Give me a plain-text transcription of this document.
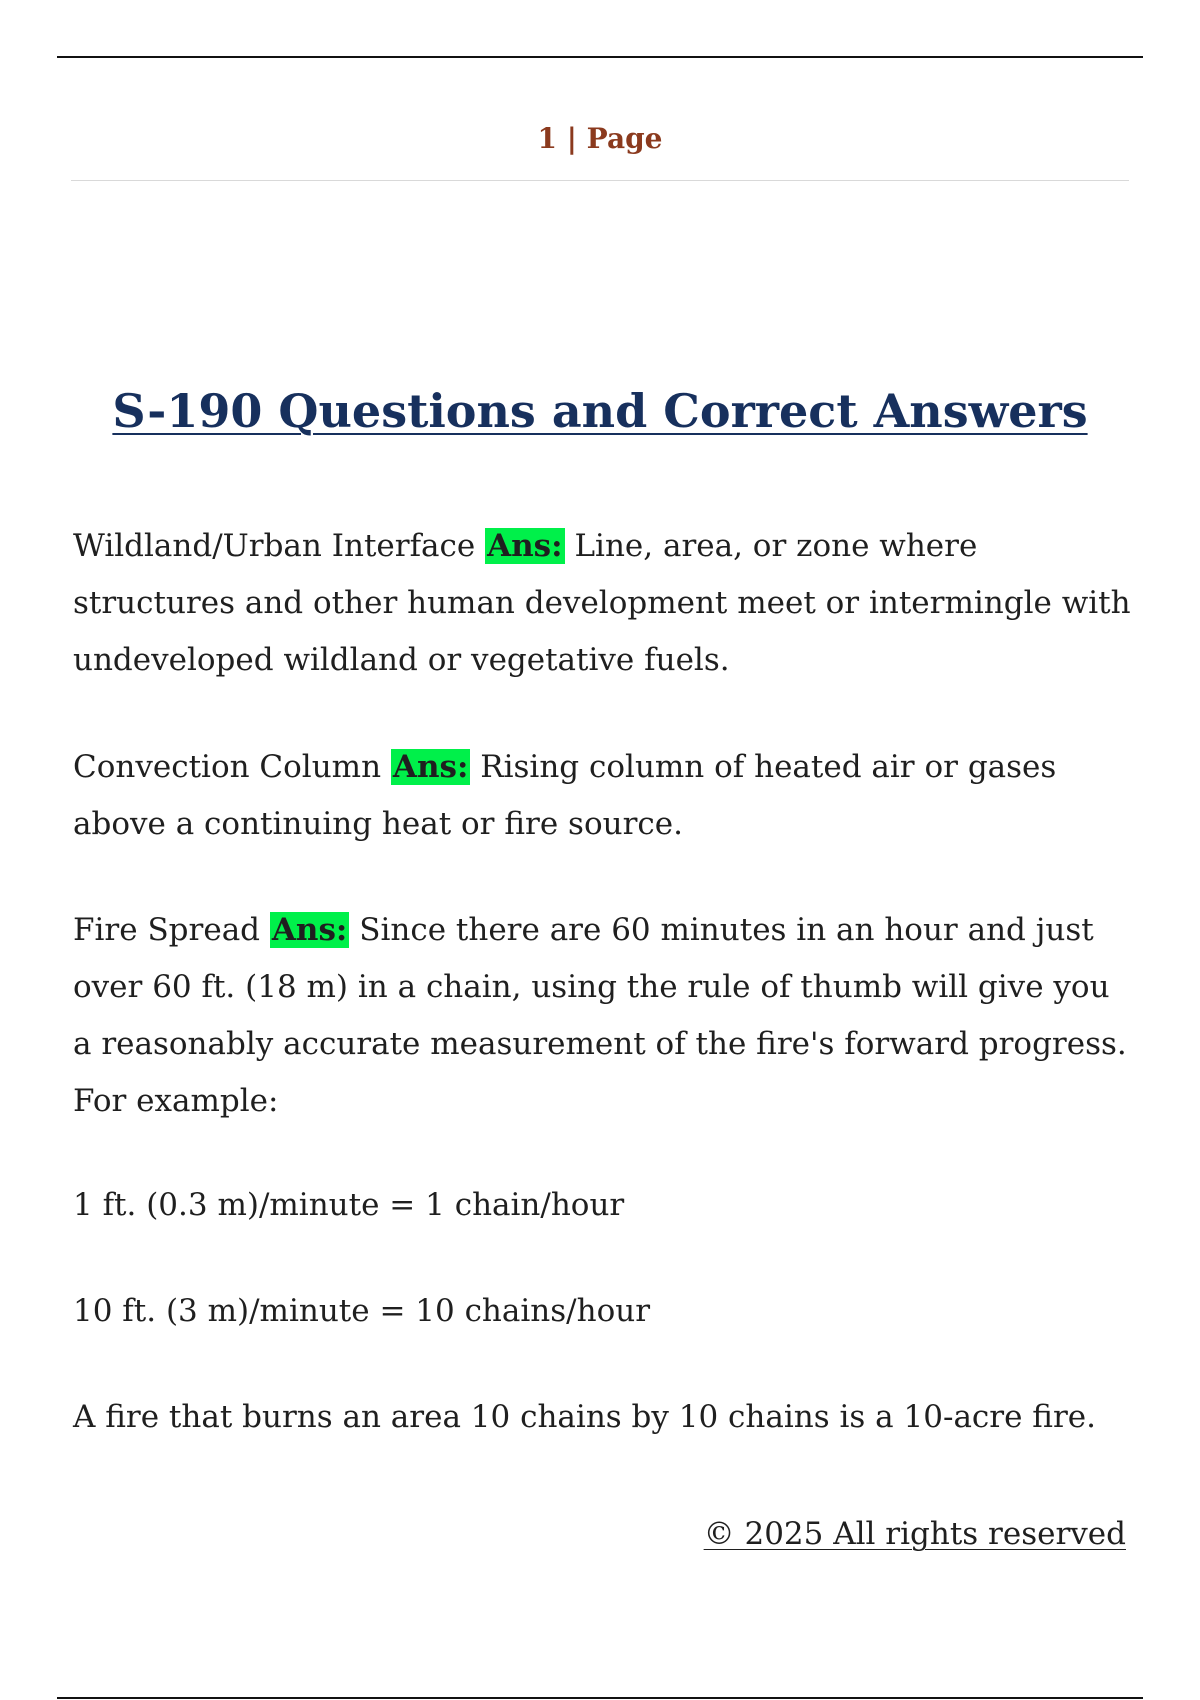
1 | Page
S-190 Questions and Correct Answers

Wildland/Urban Interface Ans: Line, area, or zone where structures and other human development meet or intermingle with undeveloped wildland or vegetative fuels.

Convection Column Ans: Rising column of heated air or gases above a continuing heat or fire source.

Fire Spread Ans: Since there are 60 minutes in an hour and just over 60 ft. (18 m) in a chain, using the rule of thumb will give you a reasonably accurate measurement of the fire's forward progress. For example:

1 ft. (0.3 m)/minute = 1 chain/hour

10 ft. (3 m)/minute = 10 chains/hour

A fire that burns an area 10 chains by 10 chains is a 10-acre fire.

© 2025 All rights reserved
